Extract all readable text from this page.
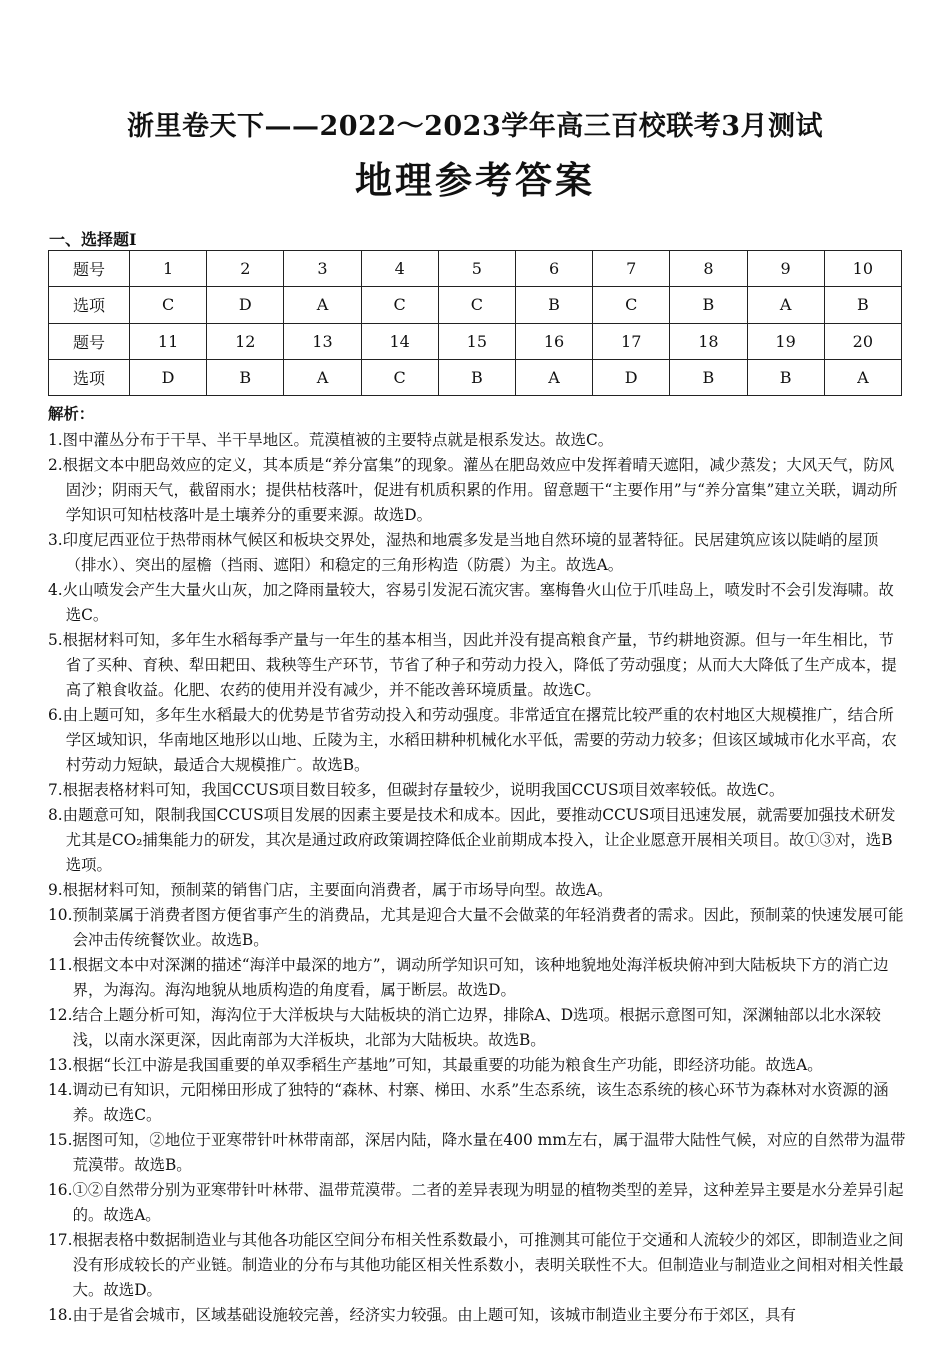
浙里卷天下——2022～2023学年高三百校联考3月测试
地理参考答案
一、选择题Ⅰ
题号	1	2	3	4	5	6	7	8	9	10
选项	C	D	A	C	C	B	C	B	A	B
题号	11	12	13	14	15	16	17	18	19	20
选项	D	B	A	C	B	A	D	B	B	A
解析：
1.图中灌丛分布于干旱、半干旱地区。荒漠植被的主要特点就是根系发达。故选C。
2.根据文本中肥岛效应的定义，其本质是“养分富集”的现象。灌丛在肥岛效应中发挥着晴天遮阳，减少蒸发；大风天气，防风固沙；阴雨天气，截留雨水；提供枯枝落叶，促进有机质积累的作用。留意题干“主要作用”与“养分富集”建立关联，调动所学知识可知枯枝落叶是土壤养分的重要来源。故选D。
3.印度尼西亚位于热带雨林气候区和板块交界处，湿热和地震多发是当地自然环境的显著特征。民居建筑应该以陡峭的屋顶（排水）、突出的屋檐（挡雨、遮阳）和稳定的三角形构造（防震）为主。故选A。
4.火山喷发会产生大量火山灰，加之降雨量较大，容易引发泥石流灾害。塞梅鲁火山位于爪哇岛上，喷发时不会引发海啸。故选C。
5.根据材料可知，多年生水稻每季产量与一年生的基本相当，因此并没有提高粮食产量，节约耕地资源。但与一年生相比，节省了买种、育秧、犁田耙田、栽秧等生产环节，节省了种子和劳动力投入，降低了劳动强度；从而大大降低了生产成本，提高了粮食收益。化肥、农药的使用并没有减少，并不能改善环境质量。故选C。
6.由上题可知，多年生水稻最大的优势是节省劳动投入和劳动强度。非常适宜在撂荒比较严重的农村地区大规模推广，结合所学区域知识，华南地区地形以山地、丘陵为主，水稻田耕种机械化水平低，需要的劳动力较多；但该区域城市化水平高，农村劳动力短缺，最适合大规模推广。故选B。
7.根据表格材料可知，我国CCUS项目数目较多，但碳封存量较少，说明我国CCUS项目效率较低。故选C。
8.由题意可知，限制我国CCUS项目发展的因素主要是技术和成本。因此，要推动CCUS项目迅速发展，就需要加强技术研发尤其是CO₂捕集能力的研发，其次是通过政府政策调控降低企业前期成本投入，让企业愿意开展相关项目。故①③对，选B选项。
9.根据材料可知，预制菜的销售门店，主要面向消费者，属于市场导向型。故选A。
10.预制菜属于消费者图方便省事产生的消费品，尤其是迎合大量不会做菜的年轻消费者的需求。因此，预制菜的快速发展可能会冲击传统餐饮业。故选B。
11.根据文本中对深渊的描述“海洋中最深的地方”，调动所学知识可知，该种地貌地处海洋板块俯冲到大陆板块下方的消亡边界，为海沟。海沟地貌从地质构造的角度看，属于断层。故选D。
12.结合上题分析可知，海沟位于大洋板块与大陆板块的消亡边界，排除A、D选项。根据示意图可知，深渊轴部以北水深较浅，以南水深更深，因此南部为大洋板块，北部为大陆板块。故选B。
13.根据“长江中游是我国重要的单双季稻生产基地”可知，其最重要的功能为粮食生产功能，即经济功能。故选A。
14.调动已有知识，元阳梯田形成了独特的“森林、村寨、梯田、水系”生态系统，该生态系统的核心环节为森林对水资源的涵养。故选C。
15.据图可知，②地位于亚寒带针叶林带南部，深居内陆，降水量在400 mm左右，属于温带大陆性气候，对应的自然带为温带荒漠带。故选B。
16.①②自然带分别为亚寒带针叶林带、温带荒漠带。二者的差异表现为明显的植物类型的差异，这种差异主要是水分差异引起的。故选A。
17.根据表格中数据制造业与其他各功能区空间分布相关性系数最小，可推测其可能位于交通和人流较少的郊区，即制造业之间没有形成较长的产业链。制造业的分布与其他功能区相关性系数小，表明关联性不大。但制造业与制造业之间相对相关性最大。故选D。
18.由于是省会城市，区域基础设施较完善，经济实力较强。由上题可知，该城市制造业主要分布于郊区，具有
